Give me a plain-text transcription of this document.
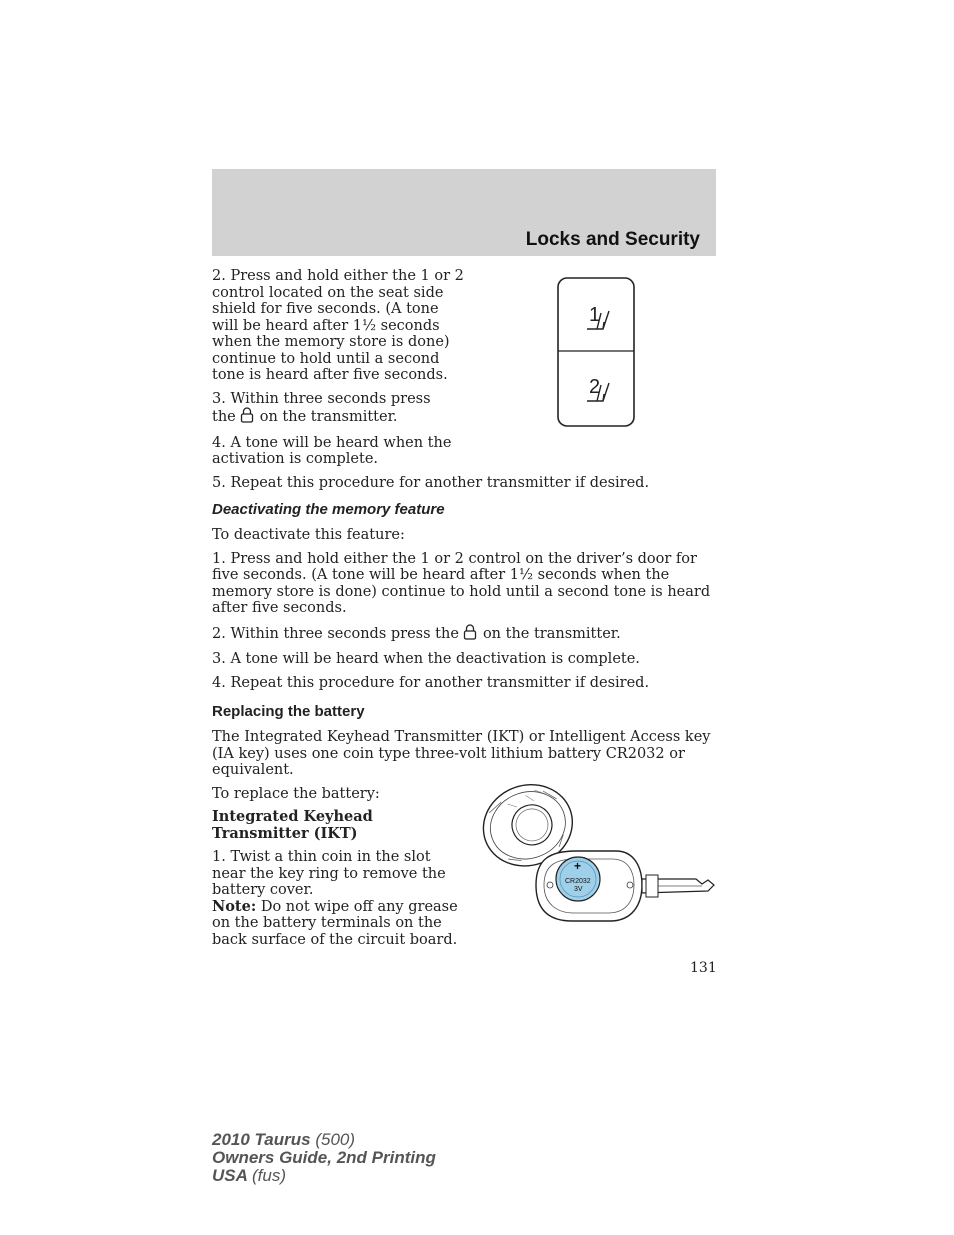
Locks and Security
1
2

2. Press and hold either the 1 or 2 control located on the seat side shield for five seconds. (A tone will be heard after 1½ seconds when the memory store is done) continue to hold until a second tone is heard after five seconds.

3. Within three seconds press
the on the transmitter.

4. A tone will be heard when the activation is complete.

5. Repeat this procedure for another transmitter if desired.

Deactivating the memory feature

To deactivate this feature:

1. Press and hold either the 1 or 2 control on the driver’s door for five seconds. (A tone will be heard after 1½ seconds when the memory store is done) continue to hold until a second tone is heard after five seconds.

2. Within three seconds press the on the transmitter.

3. A tone will be heard when the deactivation is complete.

4. Repeat this procedure for another transmitter if desired.

Replacing the battery

The Integrated Keyhead Transmitter (IKT) or Intelligent Access key (IA key) uses one coin type three-volt lithium battery CR2032 or equivalent.

To replace the battery:

Integrated Keyhead Transmitter (IKT)

1. Twist a thin coin in the slot near the key ring to remove the battery cover.

Note: Do not wipe off any grease on the battery terminals on the back surface of the circuit board.

+
CR2032
3V
131
2010 Taurus (500)
Owners Guide, 2nd Printing
USA (fus)
